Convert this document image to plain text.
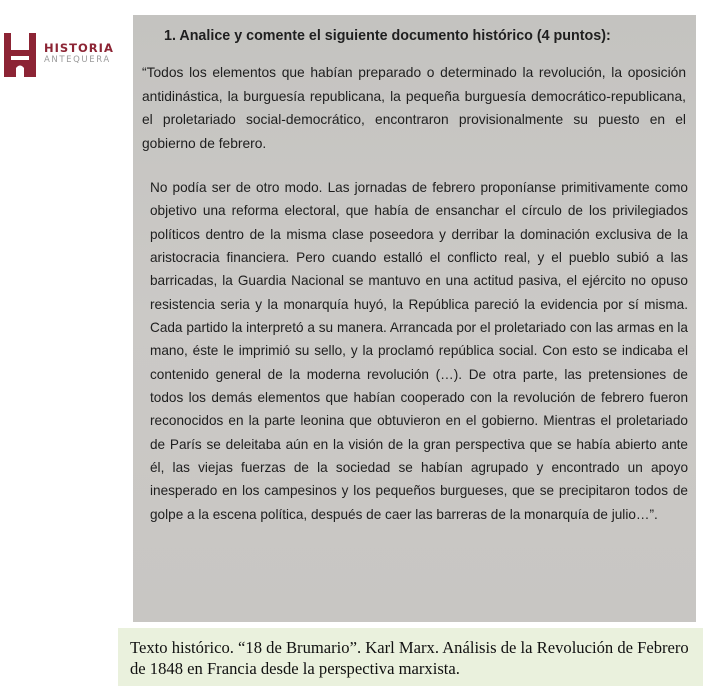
HISTORIA
ANTEQUERA
1. Analice y comente el siguiente documento histórico (4 puntos):
“Todos los elementos que habían preparado o determinado la revolución, la oposición antidinástica, la burguesía republicana, la pequeña burguesía democrático-republicana, el proletariado social-democrático, encontraron provisionalmente su puesto en el gobierno de febrero.
No podía ser de otro modo. Las jornadas de febrero proponíanse primitivamente como objetivo una reforma electoral, que había de ensanchar el círculo de los privilegiados políticos dentro de la misma clase poseedora y derribar la dominación exclusiva de la aristocracia financiera. Pero cuando estalló el conflicto real, y el pueblo subió a las barricadas, la Guardia Nacional se mantuvo en una actitud pasiva, el ejército no opuso resistencia seria y la monarquía huyó, la República pareció la evidencia por sí misma. Cada partido la interpretó a su manera. Arrancada por el proletariado con las armas en la mano, éste le imprimió su sello, y la proclamó república social. Con esto se indicaba el contenido general de la moderna revolución (…). De otra parte, las pretensiones de todos los demás elementos que habían cooperado con la revolución de febrero fueron reconocidos en la parte leonina que obtuvieron en el gobierno. Mientras el proletariado de París se deleitaba aún en la visión de la gran perspectiva que se había abierto ante él, las viejas fuerzas de la sociedad se habían agrupado y encontrado un apoyo inesperado en los campesinos y los pequeños burgueses, que se precipitaron todos de golpe a la escena política, después de caer las barreras de la monarquía de julio…”.
Texto histórico. “18 de Brumario”. Karl Marx. Análisis de la Revolución de Febrero de 1848 en Francia desde la perspectiva marxista.
